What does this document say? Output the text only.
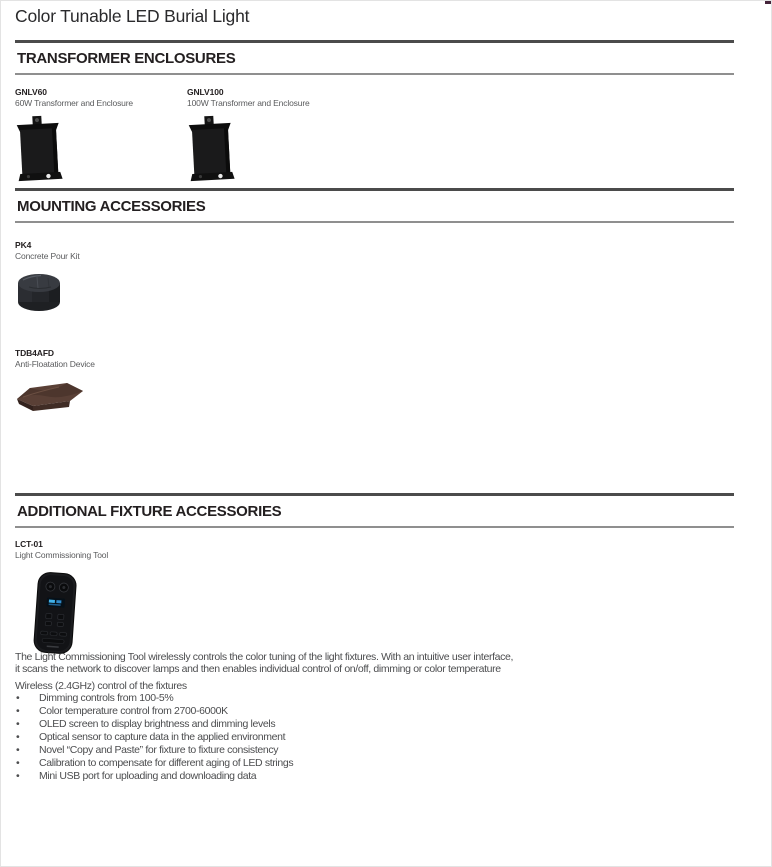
Color Tunable LED Burial Light
TRANSFORMER ENCLOSURES
GNLV60
60W Transformer and Enclosure
GNLV100
100W Transformer and Enclosure
MOUNTING ACCESSORIES
PK4
Concrete Pour Kit
TDB4AFD
Anti-Floatation Device
ADDITIONAL FIXTURE ACCESSORIES
LCT-01
Light Commissioning Tool
The Light Commissioning Tool wirelessly controls the color tuning of the light fixtures. With an intuitive user interface,
it scans the network to discover lamps and then enables individual control of on/off, dimming or color temperature
Wireless (2.4GHz) control of the fixtures
• Dimming controls from 100-5%
• Color temperature control from 2700-6000K
• OLED screen to display brightness and dimming levels
• Optical sensor to capture data in the applied environment
• Novel “Copy and Paste” for fixture to fixture consistency
• Calibration to compensate for different aging of LED strings
• Mini USB port for uploading and downloading data
